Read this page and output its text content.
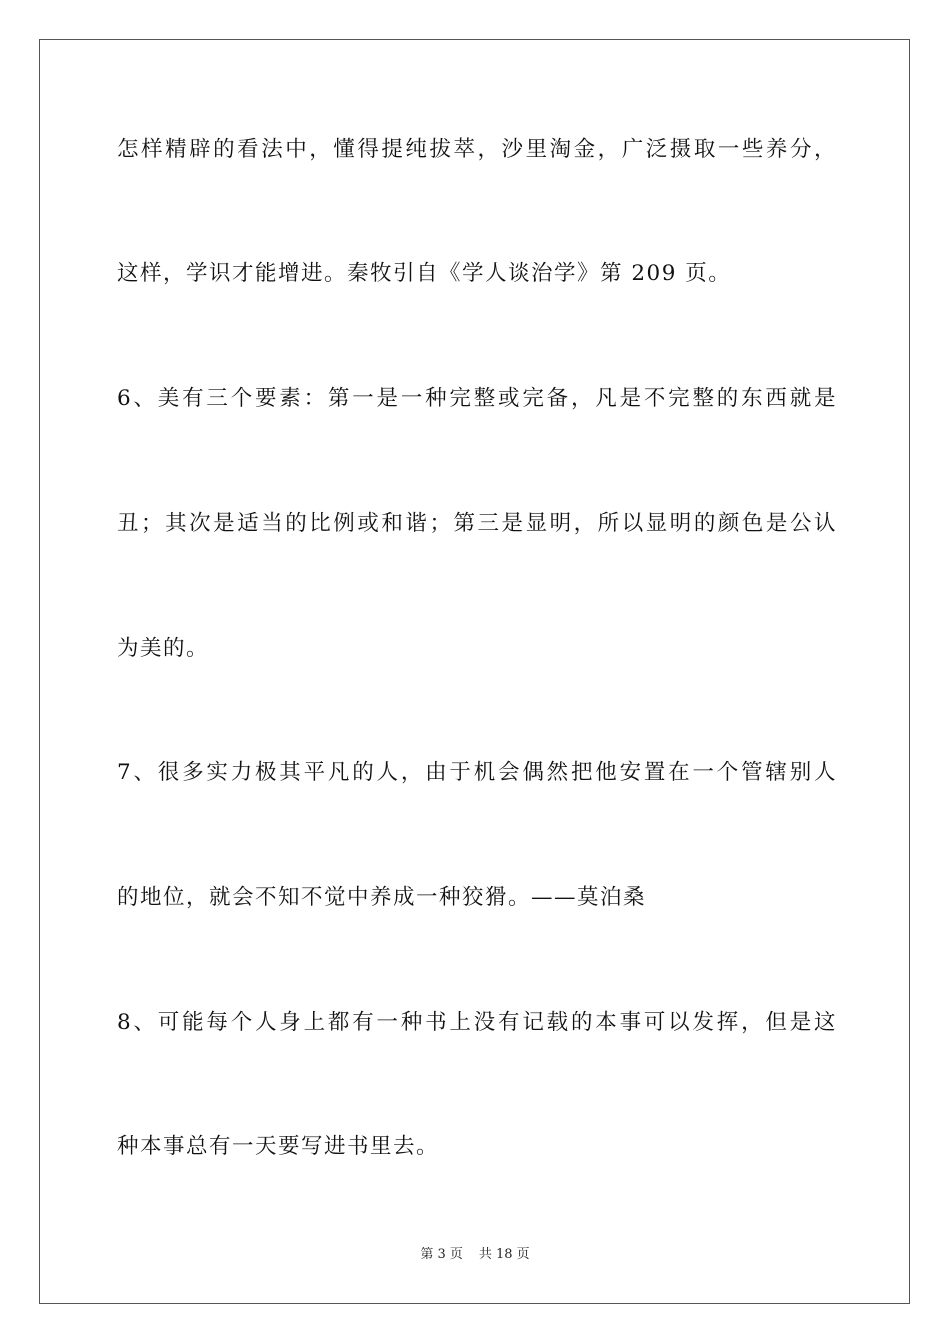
怎样精辟的看法中，懂得提纯拔萃，沙里淘金，广泛摄取一些养分，
这样，学识才能增进。秦牧引自《学人谈治学》第 209 页。
6、美有三个要素：第一是一种完整或完备，凡是不完整的东西就是
丑；其次是适当的比例或和谐；第三是显明，所以显明的颜色是公认
为美的。
7、很多实力极其平凡的人，由于机会偶然把他安置在一个管辖别人
的地位，就会不知不觉中养成一种狡猾。——莫泊桑
8、可能每个人身上都有一种书上没有记载的本事可以发挥，但是这
种本事总有一天要写进书里去。
第 3 页 共 18 页
